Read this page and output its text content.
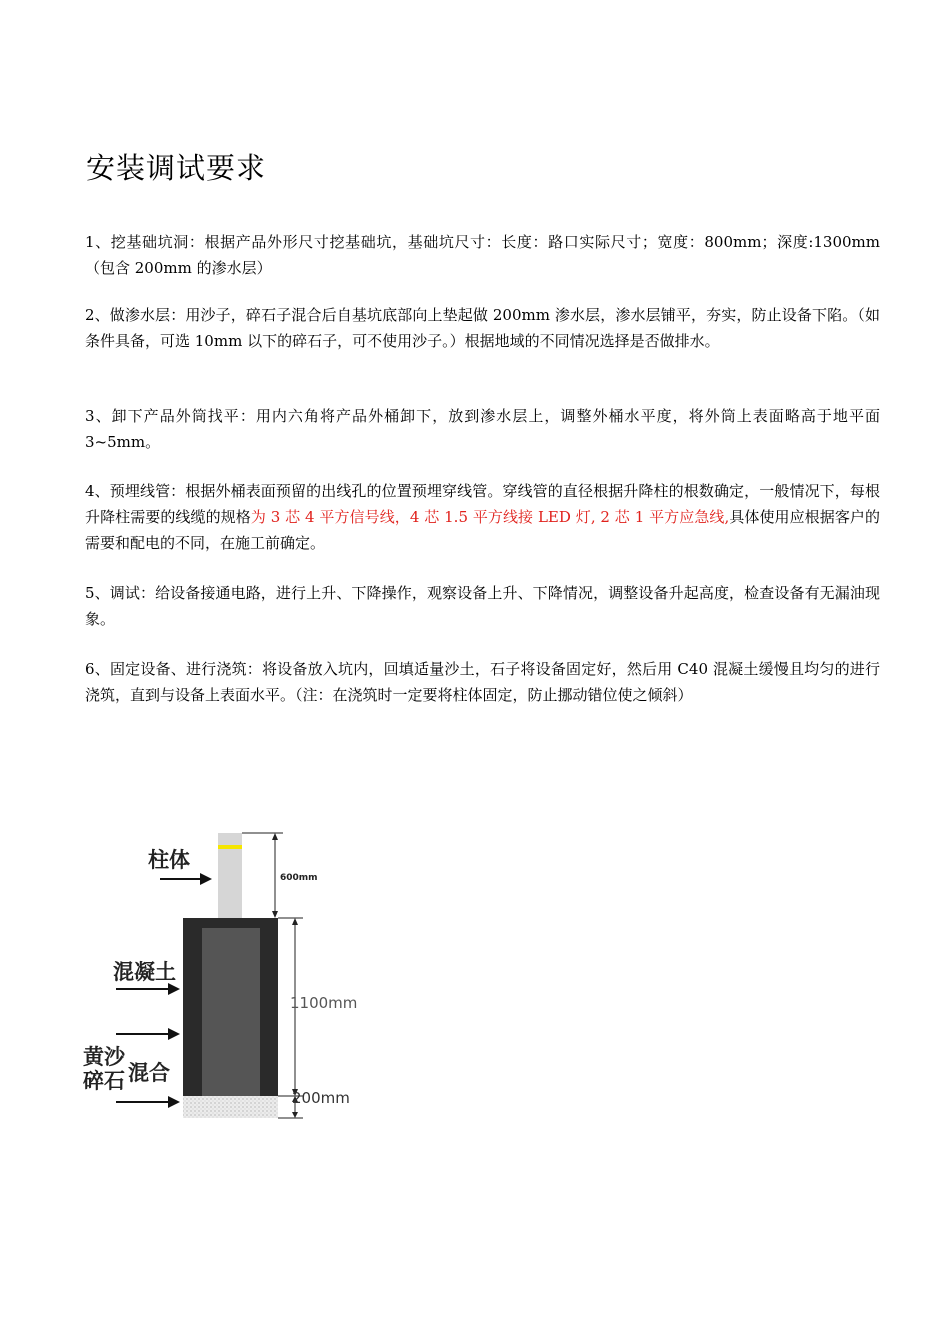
安装调试要求

1、挖基础坑洞：根据产品外形尺寸挖基础坑，基础坑尺寸：长度：路口实际尺寸；宽度：800mm；深度:1300mm（包含 200mm 的渗水层）

2、做渗水层：用沙子，碎石子混合后自基坑底部向上垫起做 200mm 渗水层，渗水层铺平，夯实，防止设备下陷。（如条件具备，可选 10mm 以下的碎石子，可不使用沙子。）根据地域的不同情况选择是否做排水。

3、卸下产品外筒找平：用内六角将产品外桶卸下，放到渗水层上，调整外桶水平度，将外筒上表面略高于地平面 3~5mm。

4、预埋线管：根据外桶表面预留的出线孔的位置预埋穿线管。穿线管的直径根据升降柱的根数确定，一般情况下，每根升降柱需要的线缆的规格为 3 芯 4 平方信号线，4 芯 1.5 平方线接 LED 灯, 2 芯 1 平方应急线,具体使用应根据客户的需要和配电的不同，在施工前确定。

5、调试：给设备接通电路，进行上升、下降操作，观察设备上升、下降情况，调整设备升起高度，检查设备有无漏油现象。

6、固定设备、进行浇筑：将设备放入坑内，回填适量沙土，石子将设备固定好，然后用 C40 混凝土缓慢且均匀的进行浇筑，直到与设备上表面水平。（注：在浇筑时一定要将柱体固定，防止挪动错位使之倾斜）

柱体
混凝土
黄沙
碎石 混合
600mm
1100mm
200mm
